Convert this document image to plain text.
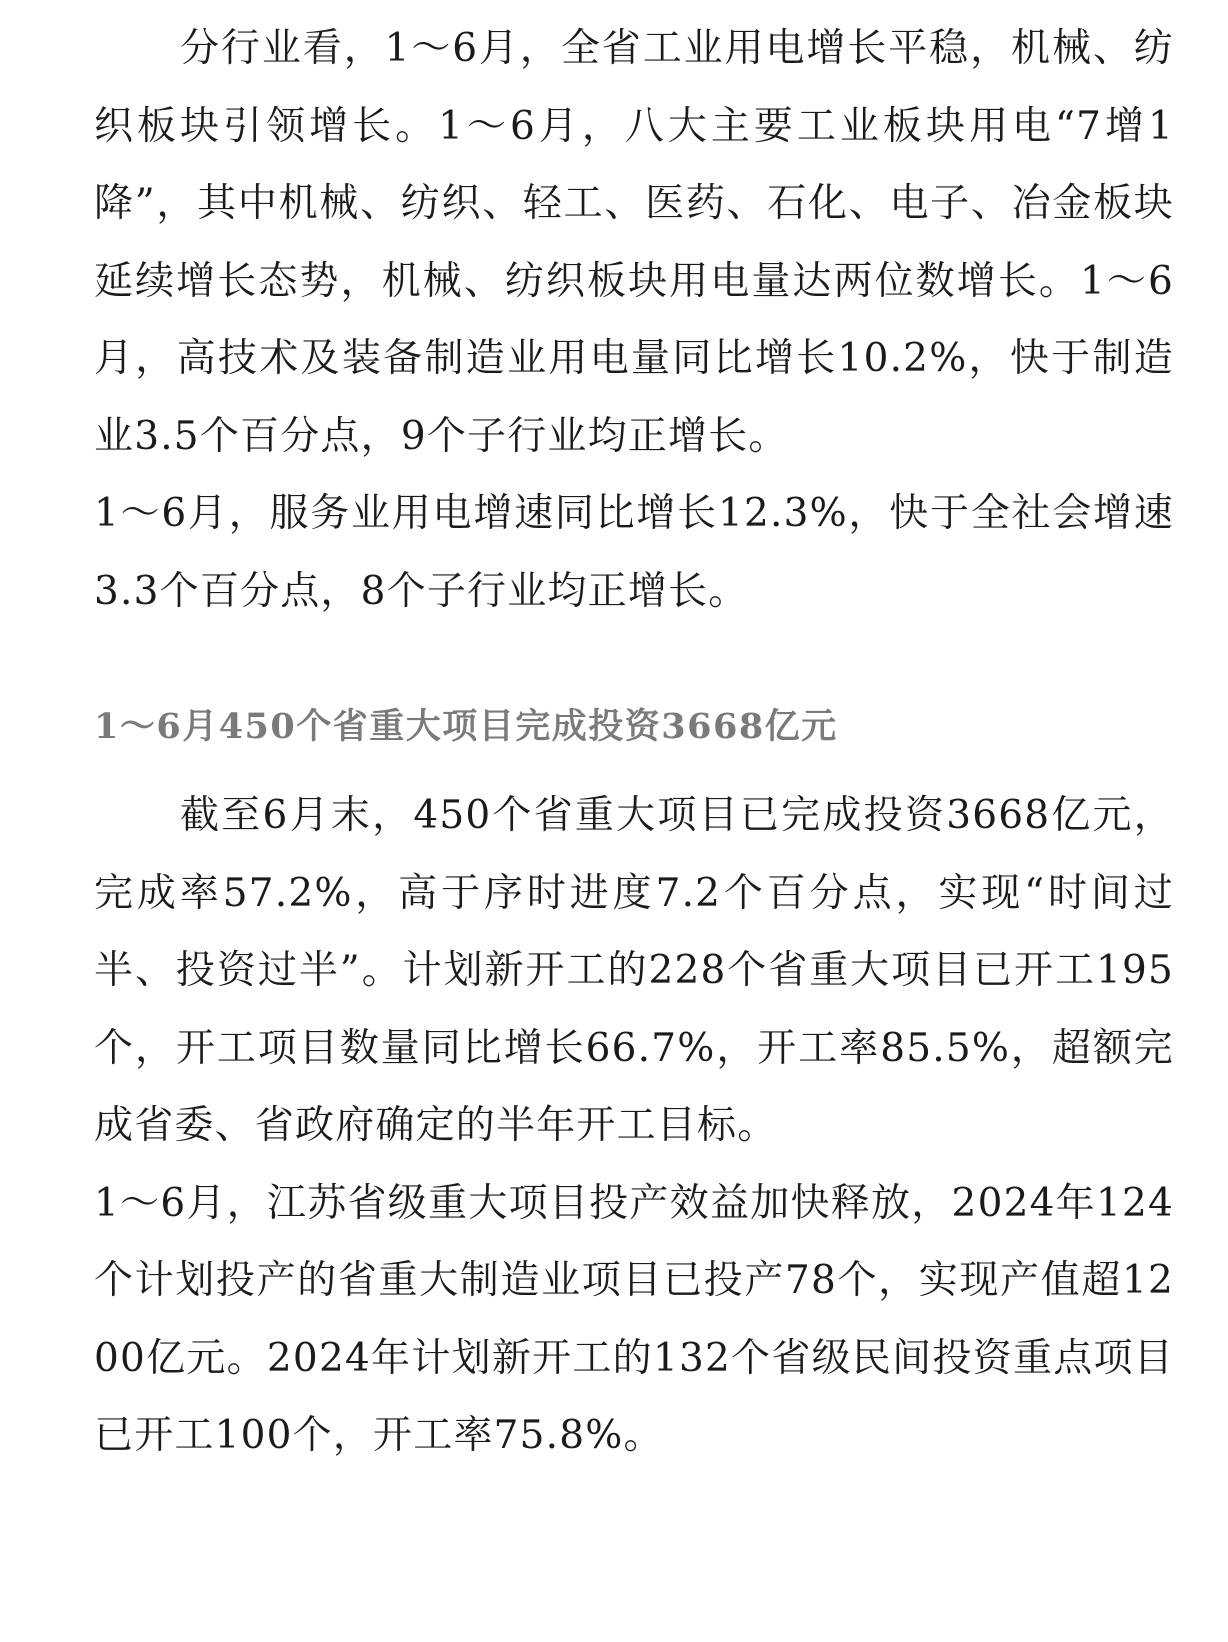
分行业看，1～6月，全省工业用电增长平稳，机械、纺织板块引领增长。1～6月，八大主要工业板块用电“7增1降”，其中机械、纺织、轻工、医药、石化、电子、冶金板块延续增长态势，机械、纺织板块用电量达两位数增长。1～6月，高技术及装备制造业用电量同比增长10.2%，快于制造业3.5个百分点，9个子行业均正增长。

1～6月，服务业用电增速同比增长12.3%，快于全社会增速3.3个百分点，8个子行业均正增长。

1～6月450个省重大项目完成投资3668亿元

截至6月末，450个省重大项目已完成投资3668亿元，完成率57.2%，高于序时进度7.2个百分点，实现“时间过半、投资过半”。计划新开工的228个省重大项目已开工195个，开工项目数量同比增长66.7%，开工率85.5%，超额完成省委、省政府确定的半年开工目标。

1～6月，江苏省级重大项目投产效益加快释放，2024年124个计划投产的省重大制造业项目已投产78个，实现产值超1200亿元。2024年计划新开工的132个省级民间投资重点项目已开工100个，开工率75.8%。
